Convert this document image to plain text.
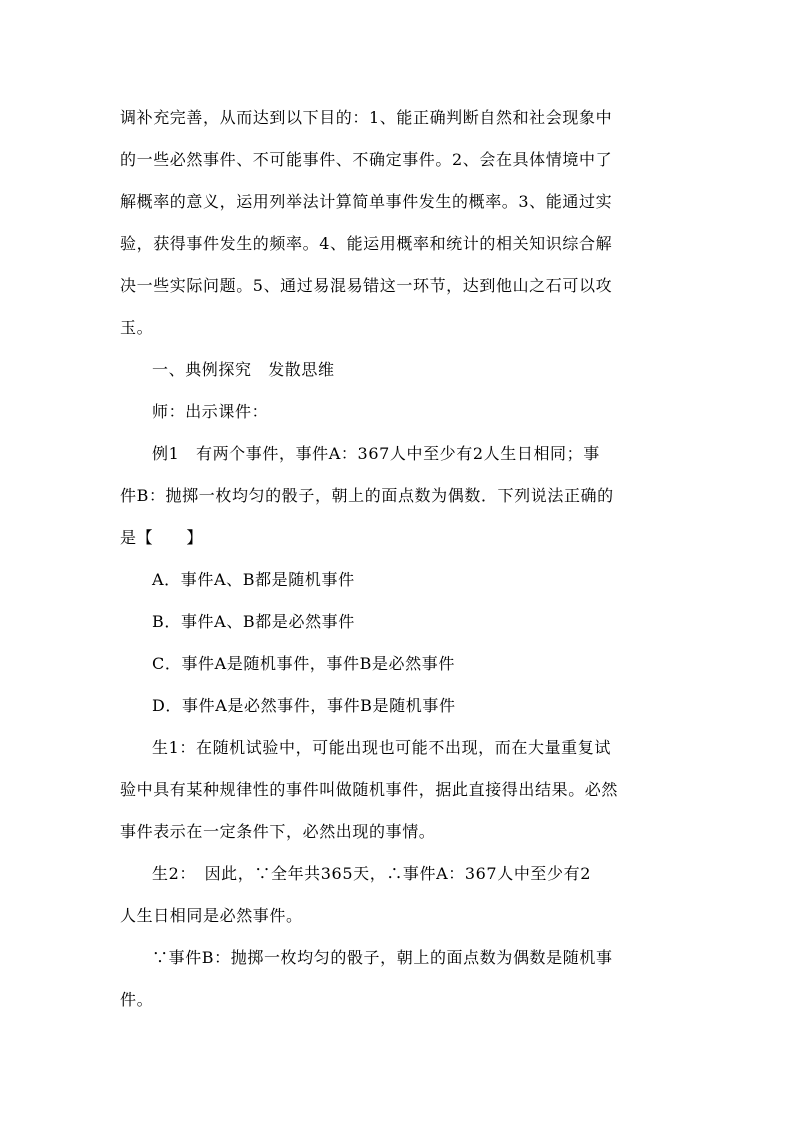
调补充完善，从而达到以下目的：1、能正确判断自然和社会现象中
的一些必然事件、不可能事件、不确定事件。2、会在具体情境中了
解概率的意义，运用列举法计算简单事件发生的概率。3、能通过实
验，获得事件发生的频率。4、能运用概率和统计的相关知识综合解
决一些实际问题。5、通过易混易错这一环节，达到他山之石可以攻
玉。
一、典例探究　发散思维
师：出示课件：
例1　有两个事件，事件A：367人中至少有2人生日相同；事
件B：抛掷一枚均匀的骰子，朝上的面点数为偶数．下列说法正确的
是【　　】
A．事件A、B都是随机事件
B．事件A、B都是必然事件
C．事件A是随机事件，事件B是必然事件
D．事件A是必然事件，事件B是随机事件
生1：在随机试验中，可能出现也可能不出现，而在大量重复试
验中具有某种规律性的事件叫做随机事件，据此直接得出结果。必然
事件表示在一定条件下，必然出现的事情。
生2：　因此，∵全年共365天，∴事件A：367人中至少有2
人生日相同是必然事件。
∵事件B：抛掷一枚均匀的骰子，朝上的面点数为偶数是随机事
件。
